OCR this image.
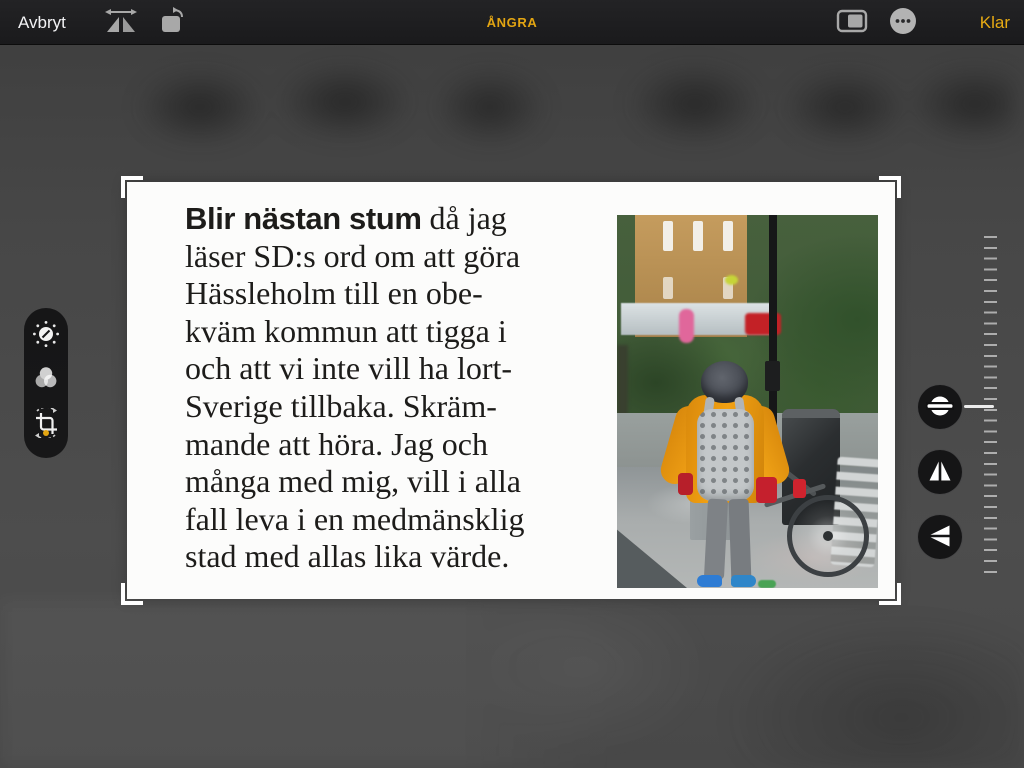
Avbryt	ÅNGRA	Klar
Blir nästan stum då jag
läser SD:s ord om att göra
Hässleholm till en obe-
kväm kommun att tigga i
och att vi inte vill ha lort-
Sverige tillbaka. Skräm-
mande att höra. Jag och
många med mig, vill i alla
fall leva i en medmänsklig
stad med allas lika värde.
